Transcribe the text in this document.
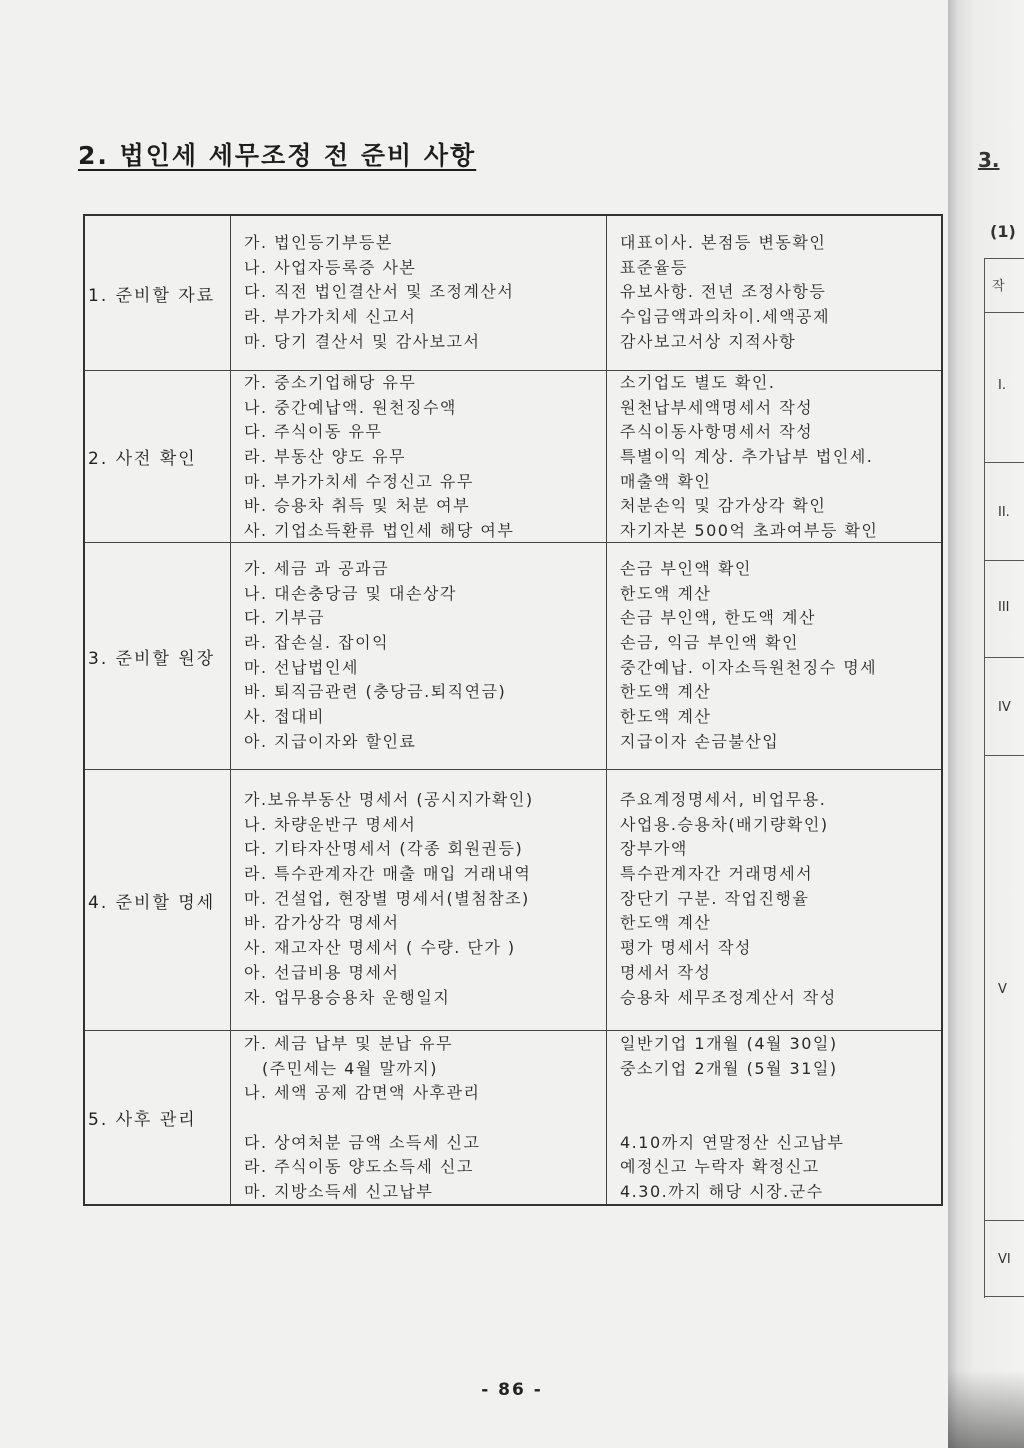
2. 법인세 세무조정 전 준비 사항
1. 준비할 자료
가. 법인등기부등본
나. 사업자등록증 사본
다. 직전 법인결산서 및 조정계산서
라. 부가가치세 신고서
마. 당기 결산서 및 감사보고서
대표이사. 본점등 변동확인
표준율등
유보사항. 전년 조정사항등
수입금액과의차이.세액공제
감사보고서상 지적사항
2. 사전 확인
가. 중소기업해당 유무
나. 중간예납액. 원천징수액
다. 주식이동 유무
라. 부동산 양도 유무
마. 부가가치세 수정신고 유무
바. 승용차 취득 및 처분 여부
사. 기업소득환류 법인세 해당 여부
소기업도 별도 확인.
원천납부세액명세서 작성
주식이동사항명세서 작성
특별이익 계상. 추가납부 법인세.
매출액 확인
처분손익 및 감가상각 확인
자기자본 500억 초과여부등 확인
3. 준비할 원장
가. 세금 과 공과금
나. 대손충당금 및 대손상각
다. 기부금
라. 잡손실. 잡이익
마. 선납법인세
바. 퇴직금관련 (충당금.퇴직연금)
사. 접대비
아. 지급이자와 할인료
손금 부인액 확인
한도액 계산
손금 부인액, 한도액 계산
손금, 익금 부인액 확인
중간예납. 이자소득원천징수 명세
한도액 계산
한도액 계산
지급이자 손금불산입
4. 준비할 명세
가.보유부동산 명세서 (공시지가확인)
나. 차량운반구 명세서
다. 기타자산명세서 (각종 회원권등)
라. 특수관계자간 매출 매입 거래내역
마. 건설업, 현장별 명세서(별첨참조)
바. 감가상각 명세서
사. 재고자산 명세서 ( 수량. 단가 )
아. 선급비용 명세서
자. 업무용승용차 운행일지
주요계정명세서, 비업무용.
사업용.승용차(배기량확인)
장부가액
특수관계자간 거래명세서
장단기 구분. 작업진행율
한도액 계산
평가 명세서 작성
명세서 작성
승용차 세무조정계산서 작성
5. 사후 관리
가. 세금 납부 및 분납 유무
(주민세는 4월 말까지)
나. 세액 공제 감면액 사후관리
다. 상여처분 금액 소득세 신고
라. 주식이동 양도소득세 신고
마. 지방소득세 신고납부
일반기업 1개월 (4월 30일)
중소기업 2개월 (5월 31일)
4.10까지 연말정산 신고납부
예정신고 누락자 확정신고
4.30.까지 해당 시장.군수
- 86 -
3.
(1)
작
I.
II.
III
IV
V
VI
